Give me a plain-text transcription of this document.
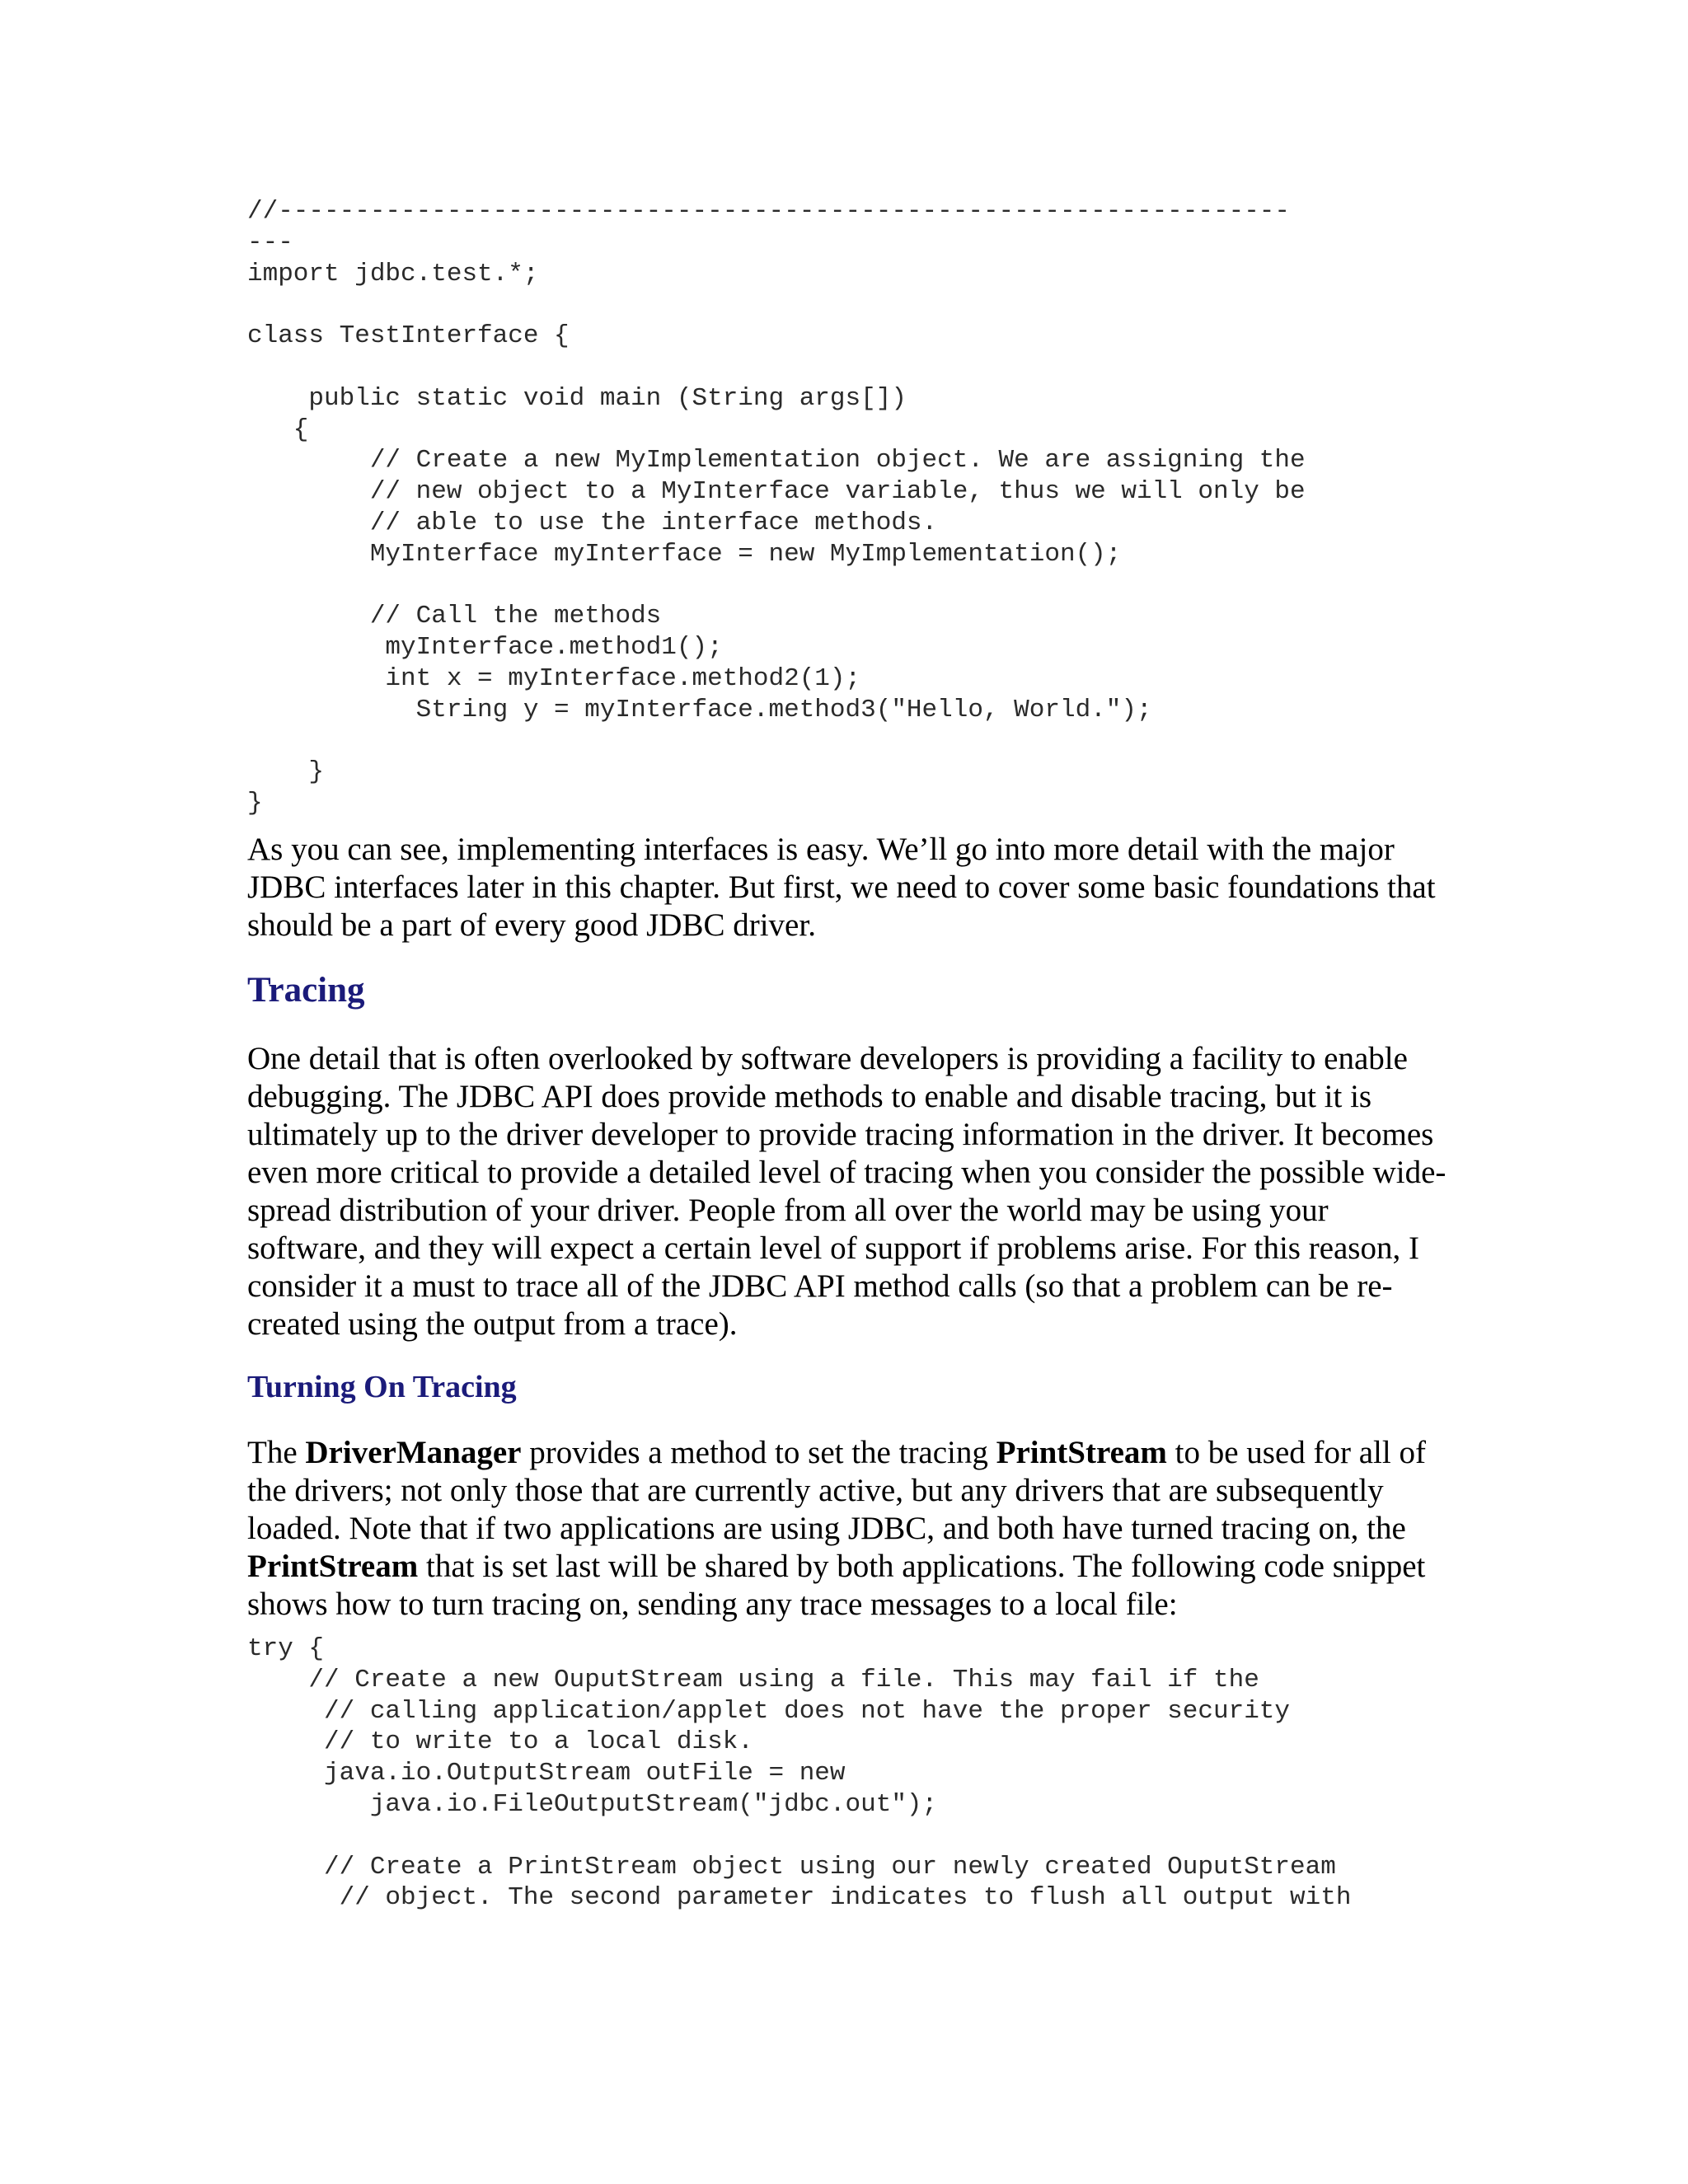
//------------------------------------------------------------------
---
import jdbc.test.*;

class TestInterface {

public static void main (String args[])
{
// Create a new MyImplementation object. We are assigning the
// new object to a MyInterface variable, thus we will only be
// able to use the interface methods.
MyInterface myInterface = new MyImplementation();

// Call the methods
myInterface.method1();
int x = myInterface.method2(1);
String y = myInterface.method3("Hello, World.");

}
}

As you can see, implementing interfaces is easy. We’ll go into more detail with the major JDBC interfaces later in this chapter. But first, we need to cover some basic foundations that should be a part of every good JDBC driver.

Tracing

One detail that is often overlooked by software developers is providing a facility to enable debugging. The JDBC API does provide methods to enable and disable tracing, but it is ultimately up to the driver developer to provide tracing information in the driver. It becomes even more critical to provide a detailed level of tracing when you consider the possible wide-spread distribution of your driver. People from all over the world may be using your software, and they will expect a certain level of support if problems arise. For this reason, I consider it a must to trace all of the JDBC API method calls (so that a problem can be re-created using the output from a trace).

Turning On Tracing

The DriverManager provides a method to set the tracing PrintStream to be used for all of the drivers; not only those that are currently active, but any drivers that are subsequently loaded. Note that if two applications are using JDBC, and both have turned tracing on, the PrintStream that is set last will be shared by both applications. The following code snippet shows how to turn tracing on, sending any trace messages to a local file:

try {
// Create a new OuputStream using a file. This may fail if the
// calling application/applet does not have the proper security
// to write to a local disk.
java.io.OutputStream outFile = new
java.io.FileOutputStream("jdbc.out");

// Create a PrintStream object using our newly created OuputStream
// object. The second parameter indicates to flush all output with
